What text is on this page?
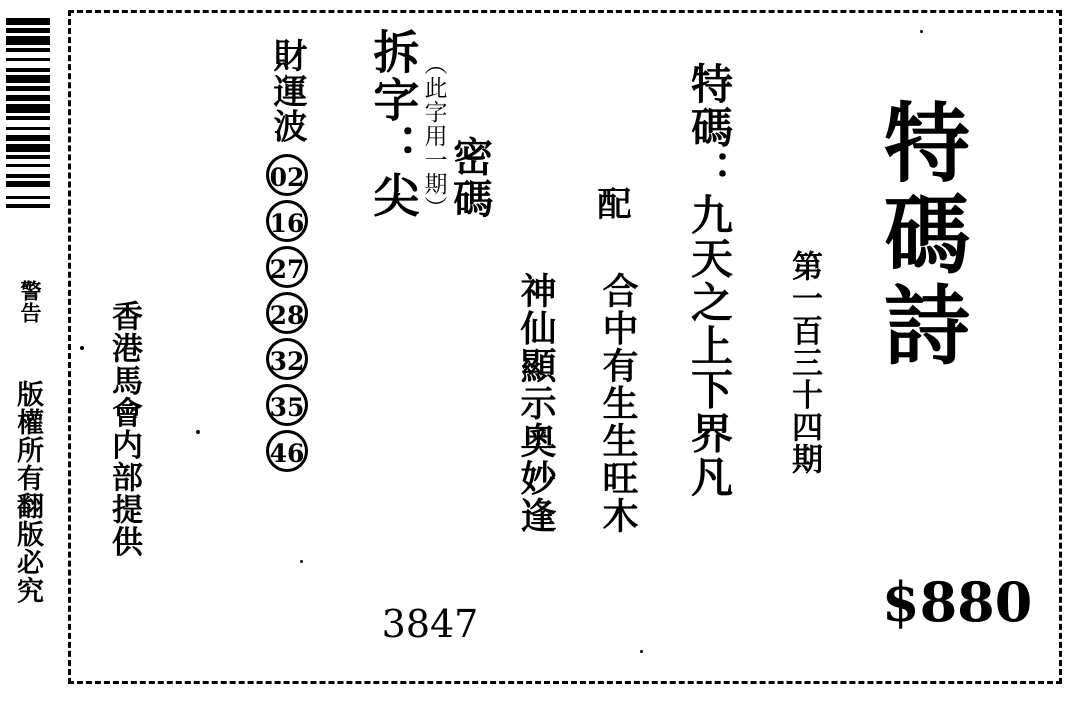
警告
版權所有翻版必究 香港馬會内部提供
財運波
02
16
27
28
32
35
46
拆字：尖 （此字用一期） 密碼
3847
神仙顯示奧妙逢 合中有生生旺木
配
特碼：九天之上下界凡 第一百三十四期 特碼詩
$880
